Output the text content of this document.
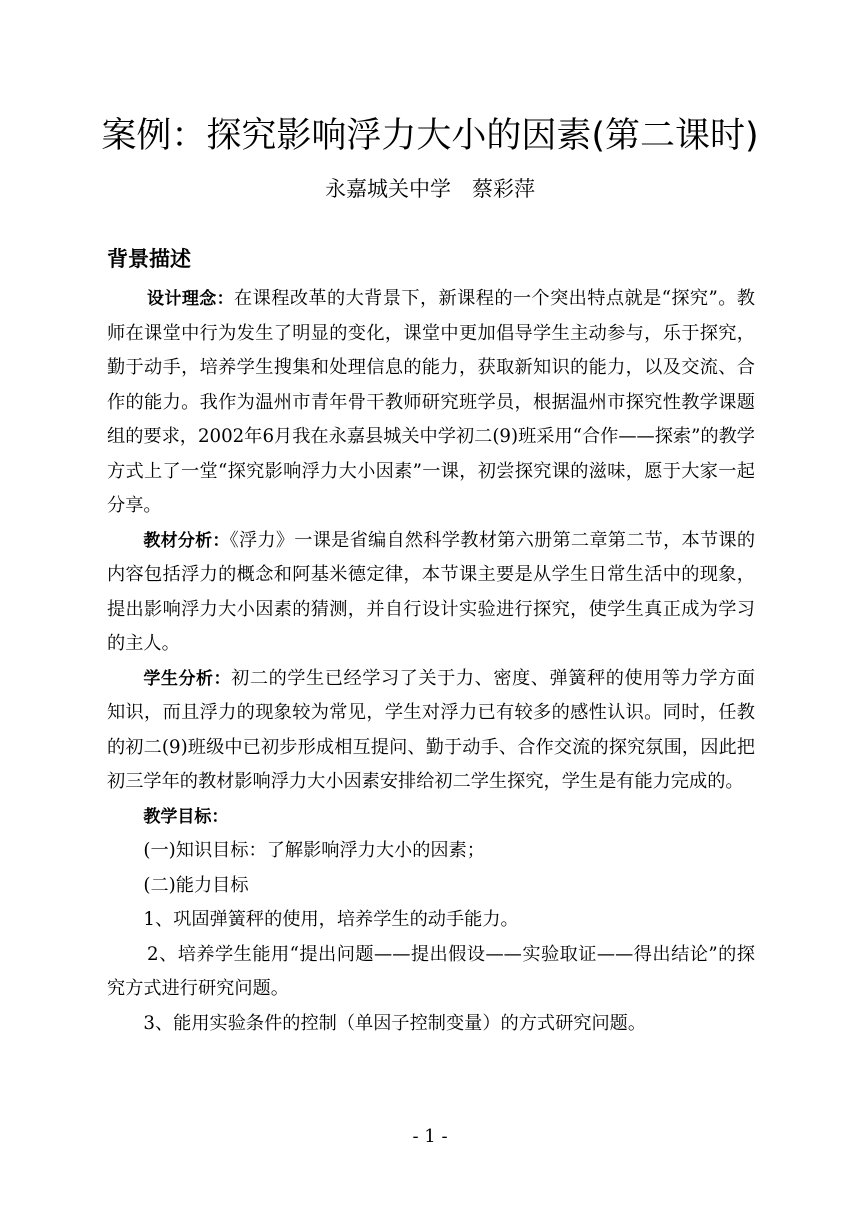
案例：探究影响浮力大小的因素(第二课时)
永嘉城关中学　蔡彩萍
背景描述

设计理念：在课程改革的大背景下，新课程的一个突出特点就是“探究”。教师在课堂中行为发生了明显的变化，课堂中更加倡导学生主动参与，乐于探究，勤于动手，培养学生搜集和处理信息的能力，获取新知识的能力，以及交流、合作的能力。我作为温州市青年骨干教师研究班学员，根据温州市探究性教学课题组的要求，2002年6月我在永嘉县城关中学初二(9)班采用“合作——探索”的教学方式上了一堂“探究影响浮力大小因素”一课，初尝探究课的滋味，愿于大家一起分享。

教材分析：《浮力》一课是省编自然科学教材第六册第二章第二节，本节课的内容包括浮力的概念和阿基米德定律，本节课主要是从学生日常生活中的现象，提出影响浮力大小因素的猜测，并自行设计实验进行探究，使学生真正成为学习的主人。

学生分析：初二的学生已经学习了关于力、密度、弹簧秤的使用等力学方面知识，而且浮力的现象较为常见，学生对浮力已有较多的感性认识。同时，任教的初二(9)班级中已初步形成相互提问、勤于动手、合作交流的探究氛围，因此把初三学年的教材影响浮力大小因素安排给初二学生探究，学生是有能力完成的。

教学目标：

(一)知识目标：了解影响浮力大小的因素；

(二)能力目标

1、巩固弹簧秤的使用，培养学生的动手能力。

2、培养学生能用“提出问题——提出假设——实验取证——得出结论”的探究方式进行研究问题。

3、能用实验条件的控制（单因子控制变量）的方式研究问题。

- 1 -
